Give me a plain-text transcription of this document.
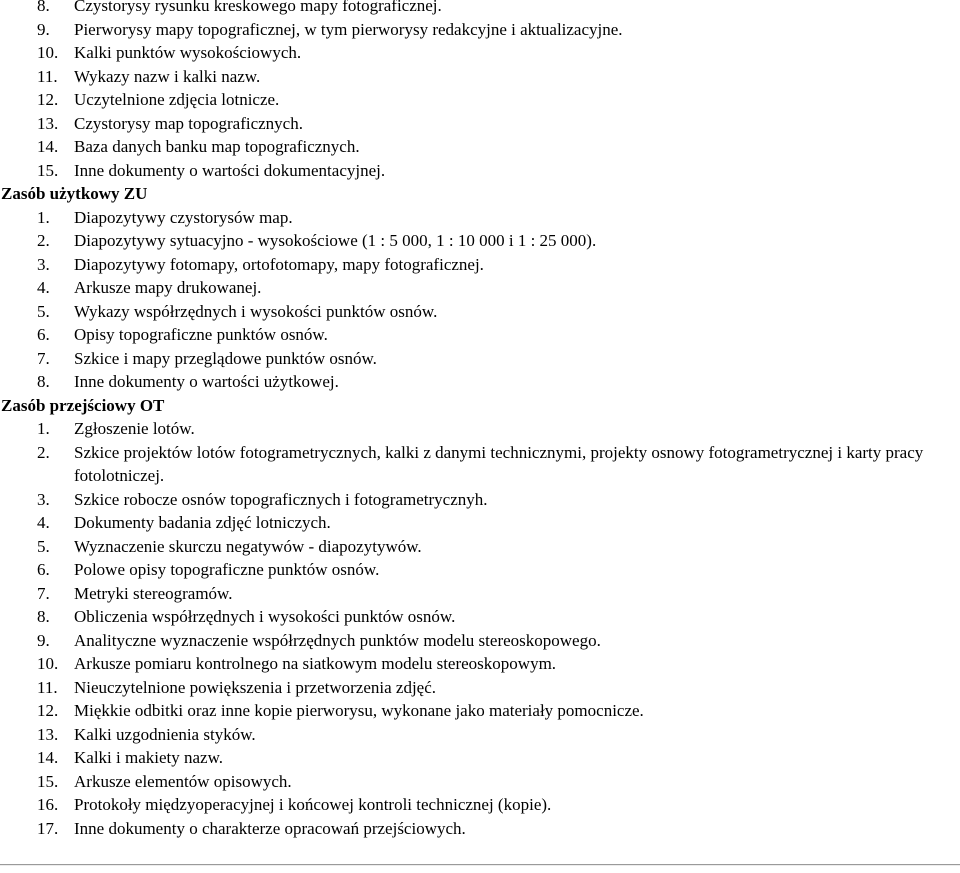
8.	Czystorysy rysunku kreskowego mapy fotograficznej.
9.	Pierworysy mapy topograficznej, w tym pierworysy redakcyjne i aktualizacyjne.
10. Kalki punktów wysokościowych.
11. Wykazy nazw i kalki nazw.
12. Uczytelnione zdjęcia lotnicze.
13. Czystorysy map topograficznych.
14. Baza danych banku map topograficznych.
15. Inne dokumenty o wartości dokumentacyjnej.
Zasób użytkowy ZU
1.	Diapozytywy czystorysów map.
2.	Diapozytywy sytuacyjno - wysokościowe (1 : 5 000, 1 : 10 000 i 1 : 25 000).
3.	Diapozytywy fotomapy, ortofotomapy, mapy fotograficznej.
4.	Arkusze mapy drukowanej.
5.	Wykazy współrzędnych i wysokości punktów osnów.
6.	Opisy topograficzne punktów osnów.
7.	Szkice i mapy przeglądowe punktów osnów.
8.	Inne dokumenty o wartości użytkowej.
Zasób przejściowy OT
1.	Zgłoszenie lotów.
2.	Szkice projektów lotów fotogrametrycznych, kalki z danymi technicznymi, projekty osnowy fotogrametrycznej i karty pracy fotolotniczej.
3.	Szkice robocze osnów topograficznych i fotogrametrycznyh.
4.	Dokumenty badania zdjęć lotniczych.
5.	Wyznaczenie skurczu negatywów - diapozytywów.
6.	Polowe opisy topograficzne punktów osnów.
7.	Metryki stereogramów.
8.	Obliczenia współrzędnych i wysokości punktów osnów.
9.	Analityczne wyznaczenie współrzędnych punktów modelu stereoskopowego.
10. Arkusze pomiaru kontrolnego na siatkowym modelu stereoskopowym.
11. Nieuczytelnione powiększenia i przetworzenia zdjęć.
12. Miękkie odbitki oraz inne kopie pierworysu, wykonane jako materiały pomocnicze.
13. Kalki uzgodnienia styków.
14. Kalki i makiety nazw.
15. Arkusze elementów opisowych.
16. Protokoły międzyoperacyjnej i końcowej kontroli technicznej (kopie).
17. Inne dokumenty o charakterze opracowań przejściowych.
